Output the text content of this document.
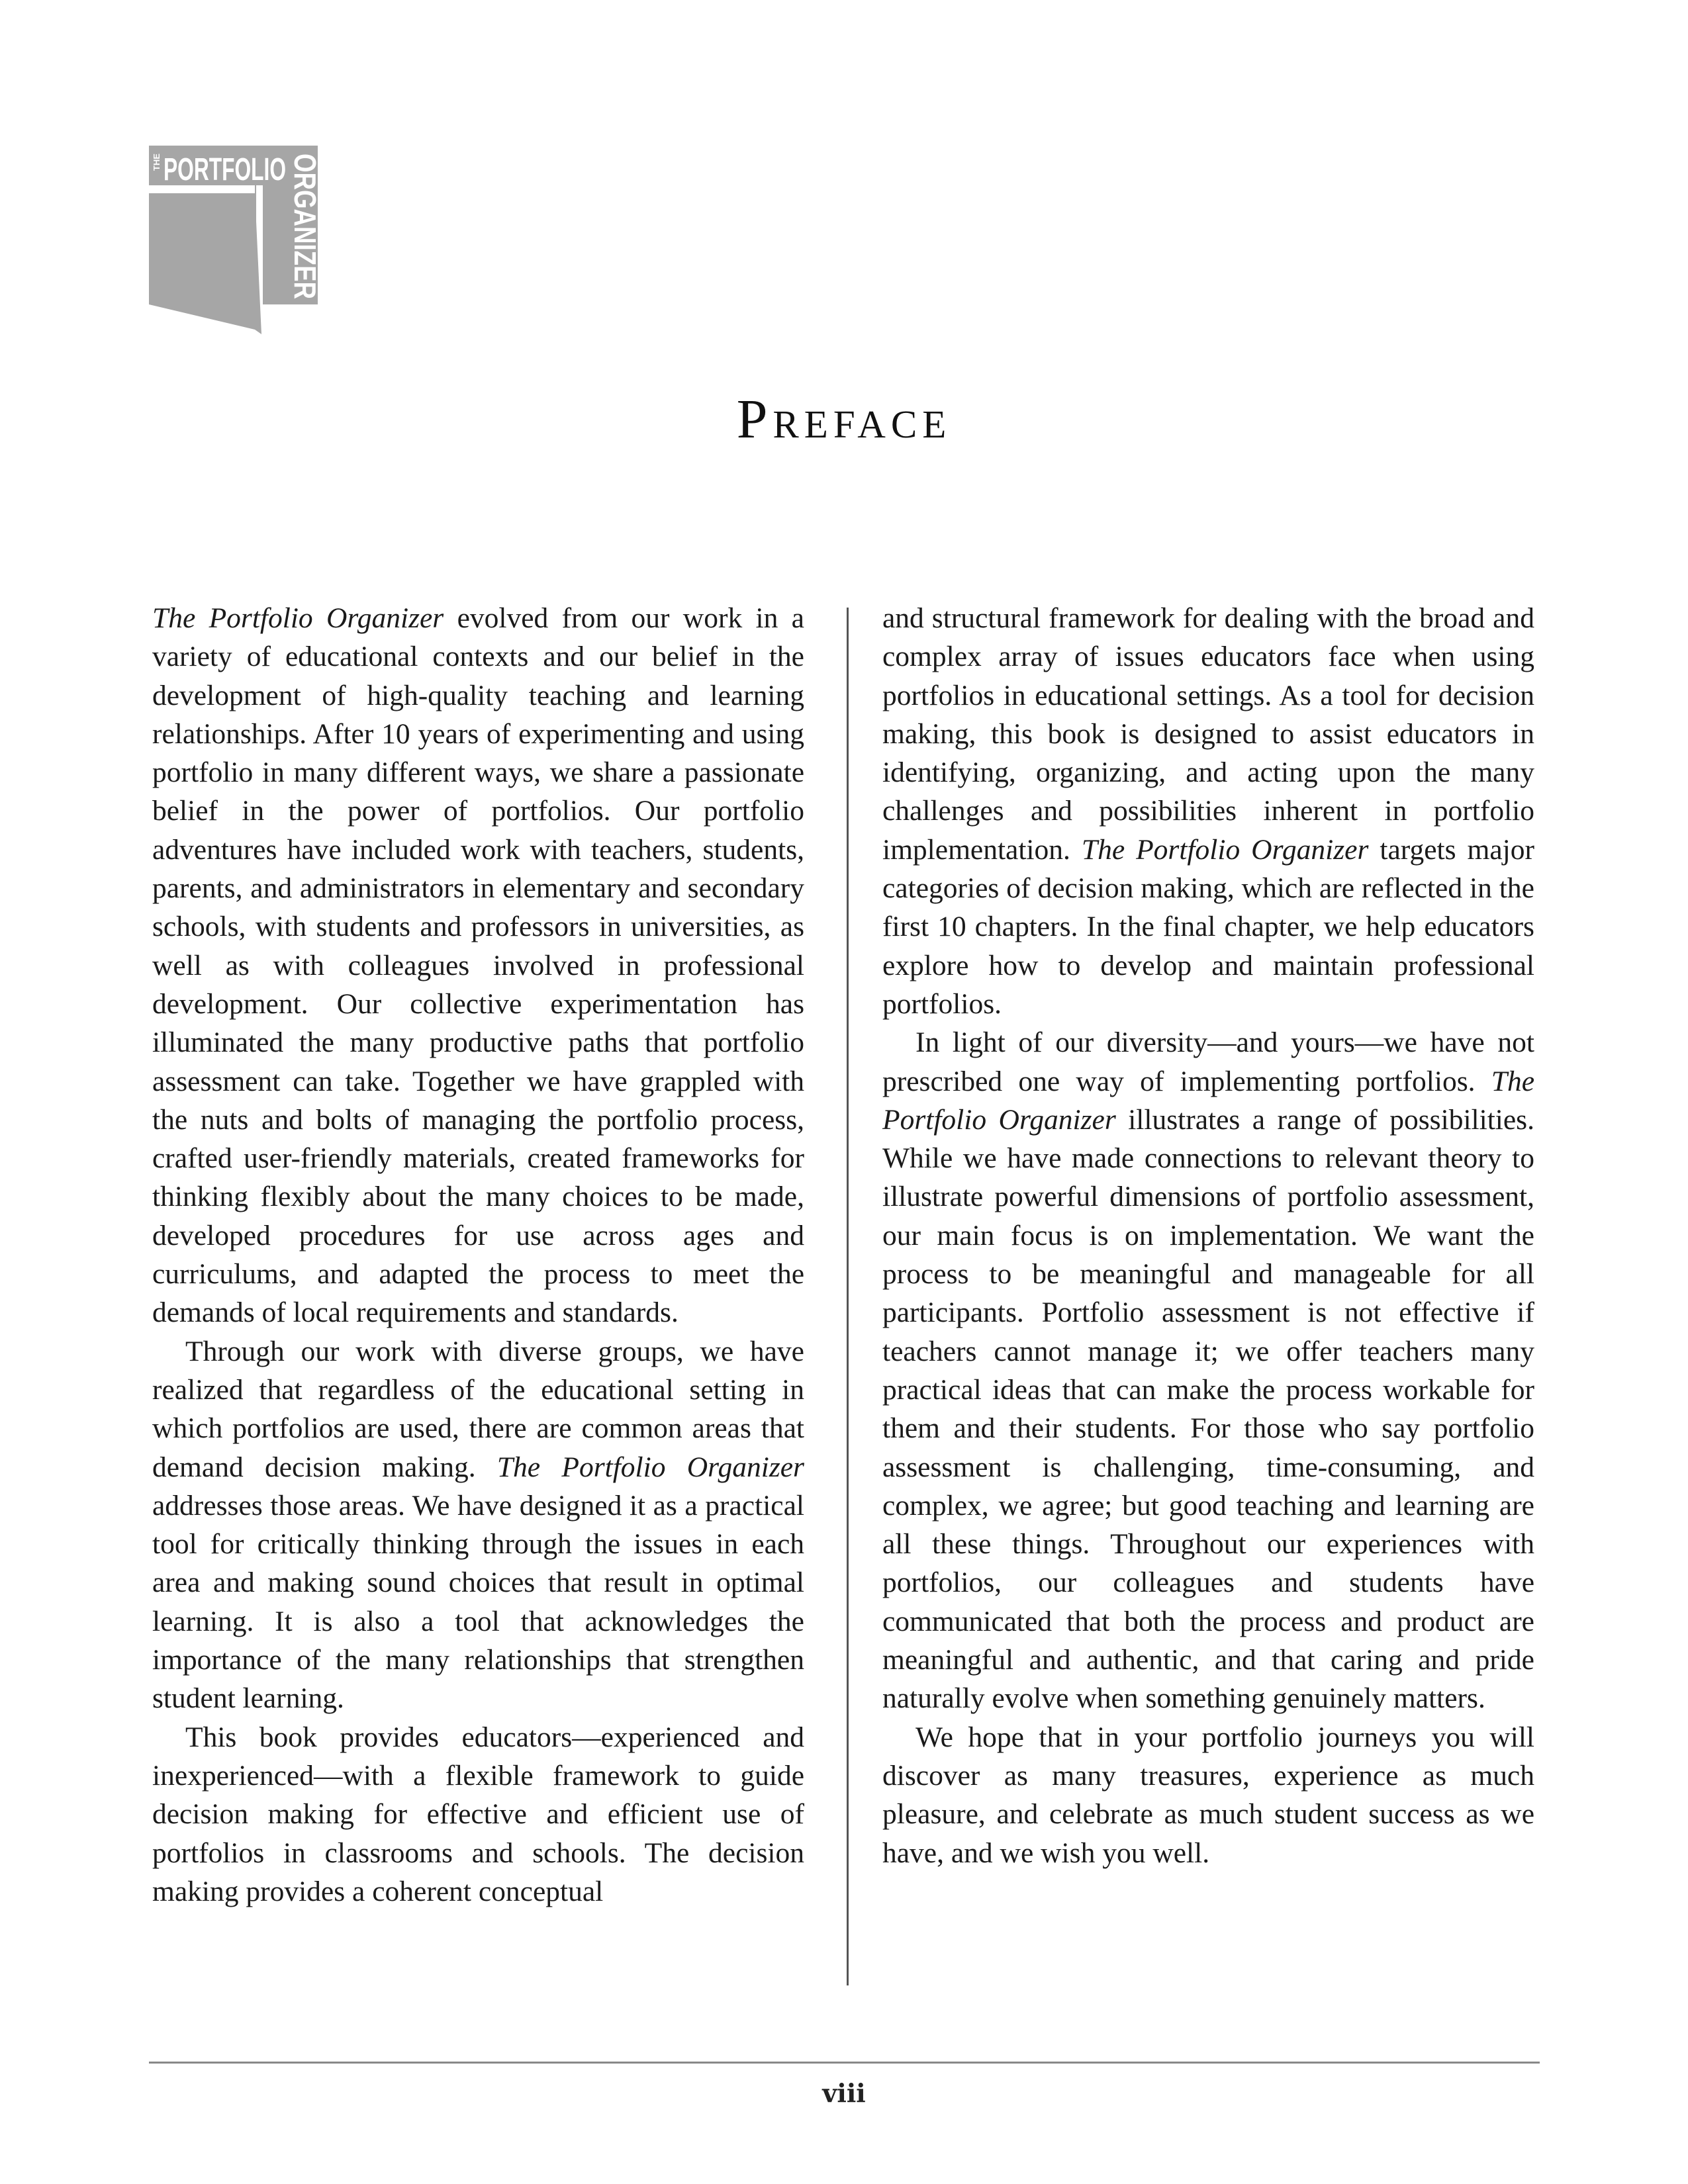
THE PORTFOLIO ORGANIZER
Preface

The Portfolio Organizer evolved from our work in a variety of educational contexts and our belief in the development of high-quality teaching and learning relationships. After 10 years of experimenting and using portfolio in many different ways, we share a passionate belief in the power of portfolios. Our portfolio adventures have included work with teachers, students, parents, and administrators in elementary and secondary schools, with students and professors in universities, as well as with colleagues involved in professional development. Our collective experimentation has illuminated the many productive paths that portfolio assessment can take. Together we have grappled with the nuts and bolts of managing the portfolio process, crafted user-friendly materials, created frameworks for thinking flexibly about the many choices to be made, developed procedures for use across ages and curriculums, and adapted the process to meet the demands of local requirements and standards.

Through our work with diverse groups, we have realized that regardless of the educational setting in which portfolios are used, there are common areas that demand decision making. The Portfolio Organizer addresses those areas. We have designed it as a practical tool for critically thinking through the issues in each area and making sound choices that result in optimal learning. It is also a tool that acknowledges the importance of the many relationships that strengthen student learning.

This book provides educators—experienced and inexperienced—with a flexible framework to guide decision making for effective and efficient use of portfolios in classrooms and schools. The decision making provides a coherent conceptual

and structural framework for dealing with the broad and complex array of issues educators face when using portfolios in educational settings. As a tool for decision making, this book is designed to assist educators in identifying, organizing, and acting upon the many challenges and possibilities inherent in portfolio implementation. The Portfolio Organizer targets major categories of decision making, which are reflected in the first 10 chapters. In the final chapter, we help educators explore how to develop and maintain professional portfolios.

In light of our diversity—and yours—we have not prescribed one way of implementing portfolios. The Portfolio Organizer illustrates a range of possibilities. While we have made connections to relevant theory to illustrate powerful dimensions of portfolio assessment, our main focus is on implementation. We want the process to be meaningful and manageable for all participants. Portfolio assessment is not effective if teachers cannot manage it; we offer teachers many practical ideas that can make the process workable for them and their students. For those who say portfolio assessment is challenging, time-consuming, and complex, we agree; but good teaching and learning are all these things. Throughout our experiences with portfolios, our colleagues and students have communicated that both the process and product are meaningful and authentic, and that caring and pride naturally evolve when something genuinely matters.

We hope that in your portfolio journeys you will discover as many treasures, experience as much pleasure, and celebrate as much student success as we have, and we wish you well.

viii
